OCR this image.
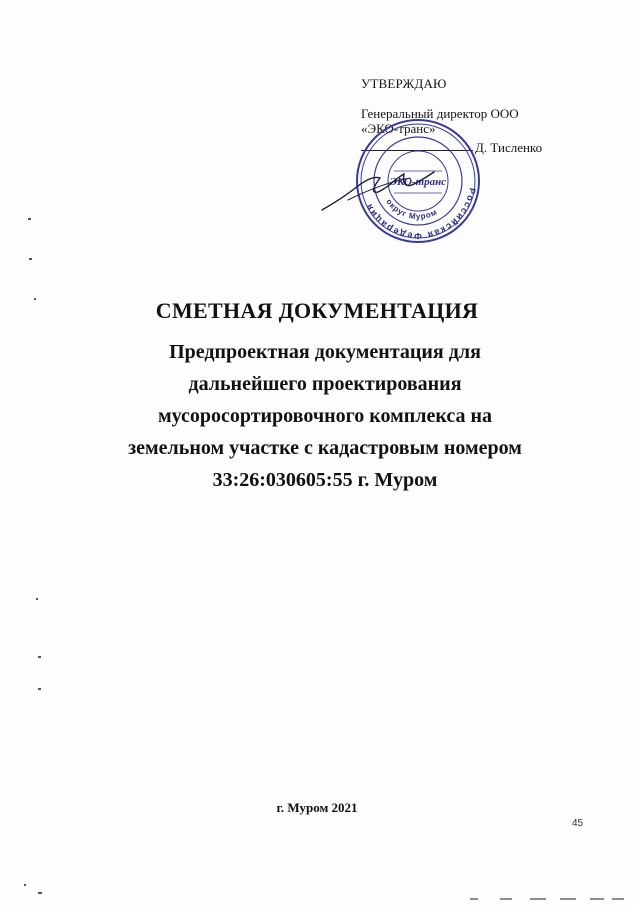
УТВЕРЖДАЮ
Генеральный директор ООО
«ЭКО-транс»
Д. Тисленко
Российская Федерация	округ Муром
ЭКО-транс
СМЕТНАЯ ДОКУМЕНТАЦИЯ
Предпроектная документация для
дальнейшего проектирования
мусоросортировочного комплекса на
земельном участке с кадастровым номером
33:26:030605:55 г. Муром
г. Муром 2021
45
